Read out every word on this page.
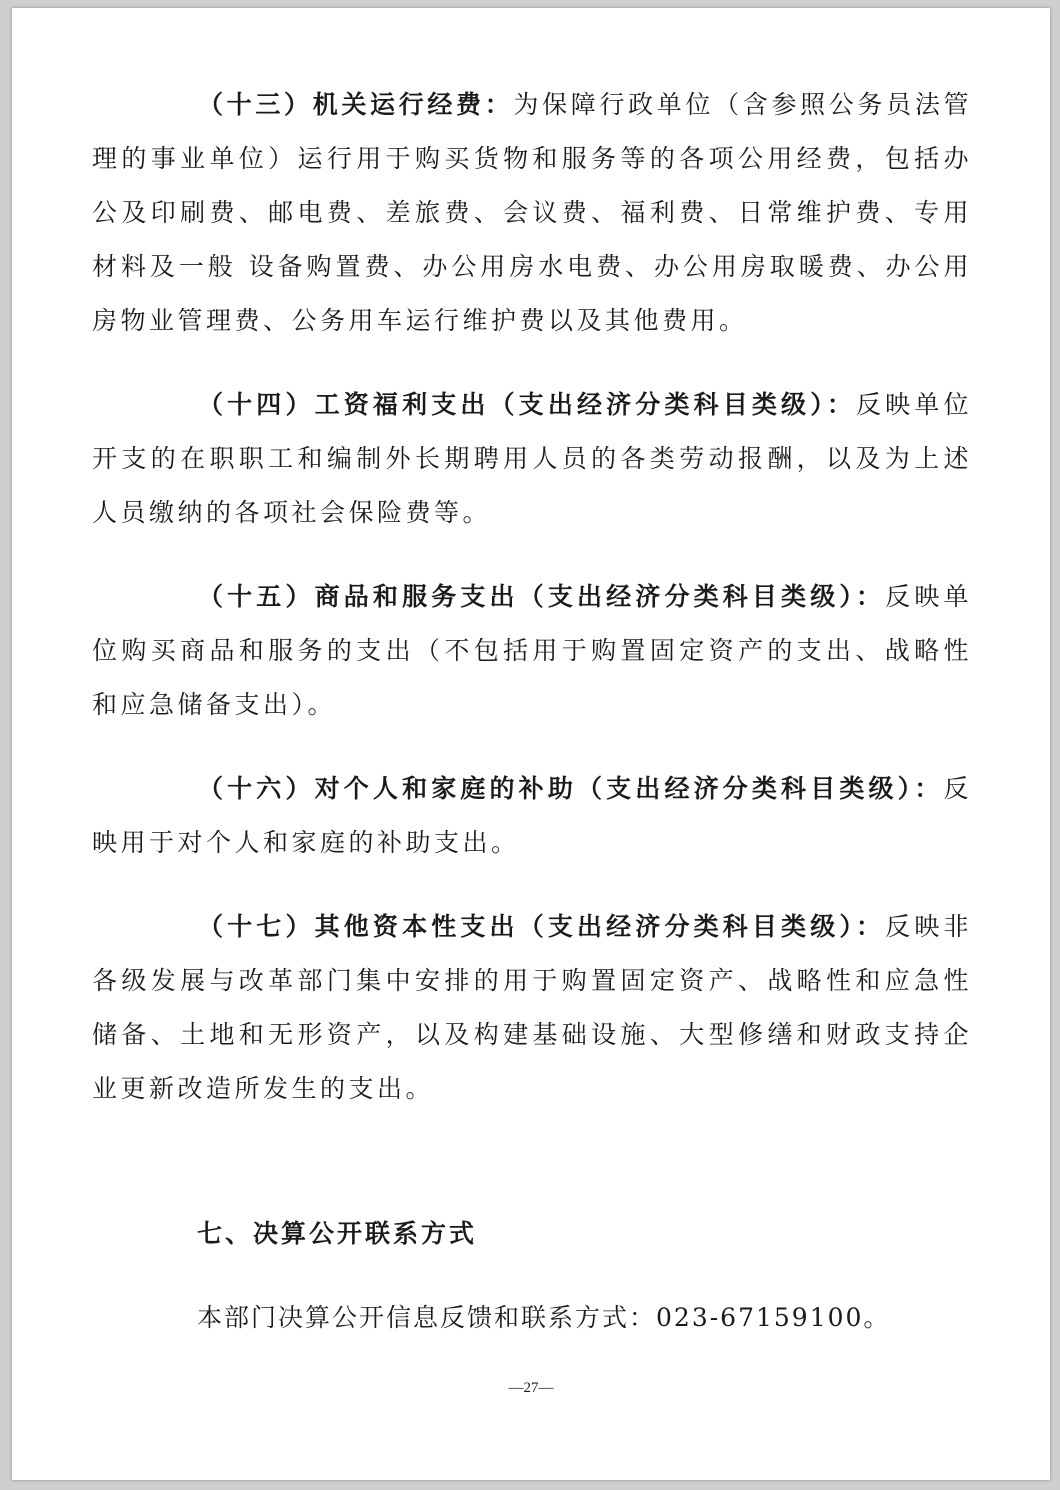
（十三）机关运行经费：为保障行政单位（含参照公务员法管理的事业单位）运行用于购买货物和服务等的各项公用经费，包括办公及印刷费、邮电费、差旅费、会议费、福利费、日常维护费、专用材料及一般 设备购置费、办公用房水电费、办公用房取暖费、办公用房物业管理费、公务用车运行维护费以及其他费用。

（十四）工资福利支出（支出经济分类科目类级）：反映单位开支的在职职工和编制外长期聘用人员的各类劳动报酬，以及为上述人员缴纳的各项社会保险费等。

（十五）商品和服务支出（支出经济分类科目类级）：反映单位购买商品和服务的支出（不包括用于购置固定资产的支出、战略性和应急储备支出）。

（十六）对个人和家庭的补助（支出经济分类科目类级）：反映用于对个人和家庭的补助支出。

（十七）其他资本性支出（支出经济分类科目类级）：反映非各级发展与改革部门集中安排的用于购置固定资产、战略性和应急性储备、土地和无形资产，以及构建基础设施、大型修缮和财政支持企业更新改造所发生的支出。

七、决算公开联系方式

本部门决算公开信息反馈和联系方式：023-67159100。

—27—
